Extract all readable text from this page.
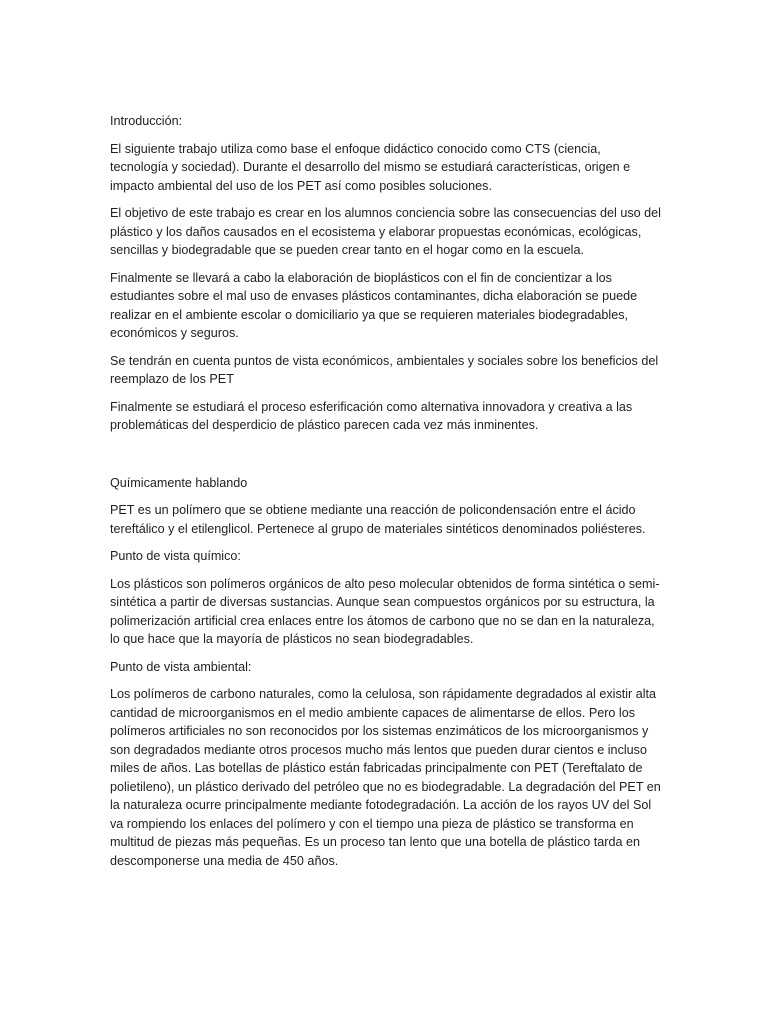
Introducción:

El siguiente trabajo utiliza como base el enfoque didáctico conocido como CTS (ciencia, tecnología y sociedad). Durante el desarrollo del mismo se estudiará características, origen e impacto ambiental del uso de los PET así como posibles soluciones.

El objetivo de este trabajo es crear en los alumnos conciencia sobre las consecuencias del uso del plástico y los daños causados en el ecosistema y elaborar propuestas económicas, ecológicas, sencillas y biodegradable que se pueden crear tanto en el hogar como en la escuela.

Finalmente se llevará a cabo la elaboración de bioplásticos con el fin de concientizar a los estudiantes sobre el mal uso de envases plásticos contaminantes, dicha elaboración se puede realizar en el ambiente escolar o domiciliario ya que se requieren materiales biodegradables, económicos y seguros.

Se tendrán en cuenta puntos de vista económicos, ambientales y sociales sobre los beneficios del reemplazo de los PET

Finalmente se estudiará el proceso esferificación como alternativa innovadora y creativa a las problemáticas del desperdicio de plástico parecen cada vez más inminentes.

Químicamente hablando

PET es un polímero que se obtiene mediante una reacción de policondensación entre el ácido tereftálico y el etilenglicol. Pertenece al grupo de materiales sintéticos denominados poliésteres.

Punto de vista químico:

Los plásticos son polímeros orgánicos de alto peso molecular obtenidos de forma sintética o semi-sintética a partir de diversas sustancias. Aunque sean compuestos orgánicos por su estructura, la polimerización artificial crea enlaces entre los átomos de carbono que no se dan en la naturaleza, lo que hace que la mayoría de plásticos no sean biodegradables.

Punto de vista ambiental:

Los polímeros de carbono naturales, como la celulosa, son rápidamente degradados al existir alta cantidad de microorganismos en el medio ambiente capaces de alimentarse de ellos. Pero los polímeros artificiales no son reconocidos por los sistemas enzimáticos de los microorganismos y son degradados mediante otros procesos mucho más lentos que pueden durar cientos e incluso miles de años. Las botellas de plástico están fabricadas principalmente con PET (Tereftalato de polietileno), un plástico derivado del petróleo que no es biodegradable. La degradación del PET en la naturaleza ocurre principalmente mediante fotodegradación. La acción de los rayos UV del Sol va rompiendo los enlaces del polímero y con el tiempo una pieza de plástico se transforma en multitud de piezas más pequeñas. Es un proceso tan lento que una botella de plástico tarda en descomponerse una media de 450 años.
